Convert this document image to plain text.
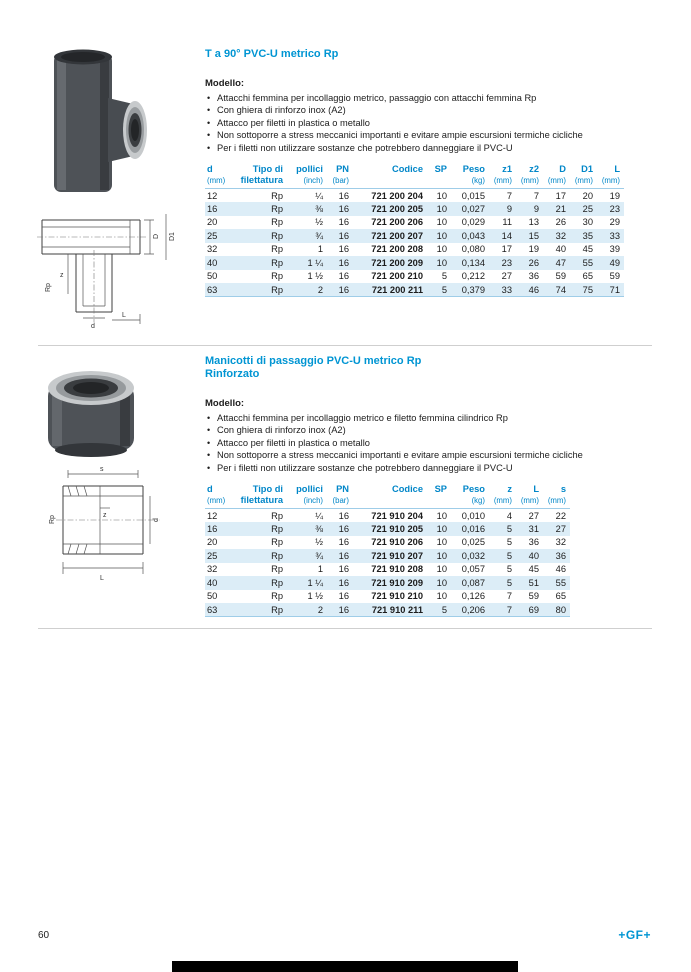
D D1
z
d
L
Rp
T a 90° PVC-U metrico Rp

Modello:

• Attacchi femmina per incollaggio metrico, passaggio con attacchi femmina Rp
• Con ghiera di rinforzo inox (A2)
• Attacco per filetti in plastica o metallo
• Non sottoporre a stress meccanici importanti e evitare ampie escursioni termiche cicliche
• Per i filetti non utilizzare sostanze che potrebbero danneggiare il PVC-U
d	Tipo di	pollici	PN	Codice	SP	Peso	z1	z2	D	D1	L
(mm)	filettatura	(inch)	(bar)			(kg)	(mm)	(mm)	(mm)	(mm)	(mm)
12	Rp	¼	16	721 200 204	10	0,015	7	7	17	20	19
16	Rp	⅜	16	721 200 205	10	0,027	9	9	21	25	23
20	Rp	½	16	721 200 206	10	0,029	11	13	26	30	29
25	Rp	¾	16	721 200 207	10	0,043	14	15	32	35	33
32	Rp	1	16	721 200 208	10	0,080	17	19	40	45	39
40	Rp	1 ¼	16	721 200 209	10	0,134	23	26	47	55	49
50	Rp	1 ½	16	721 200 210	5	0,212	27	36	59	65	59
63	Rp	2	16	721 200 211	5	0,379	33	46	74	75	71
s
z
L
d
Rp
Manicotti di passaggio PVC-U metrico Rp
Rinforzato

Modello:

• Attacchi femmina per incollaggio metrico e filetto femmina cilindrico Rp
• Con ghiera di rinforzo inox (A2)
• Attacco per filetti in plastica o metallo
• Non sottoporre a stress meccanici importanti e evitare ampie escursioni termiche cicliche
• Per i filetti non utilizzare sostanze che potrebbero danneggiare il PVC-U
d	Tipo di	pollici	PN	Codice	SP	Peso	z	L	s
(mm)	filettatura	(inch)	(bar)			(kg)	(mm)	(mm)	(mm)
12	Rp	¼	16	721 910 204	10	0,010	4	27	22
16	Rp	⅜	16	721 910 205	10	0,016	5	31	27
20	Rp	½	16	721 910 206	10	0,025	5	36	32
25	Rp	¾	16	721 910 207	10	0,032	5	40	36
32	Rp	1	16	721 910 208	10	0,057	5	45	46
40	Rp	1 ¼	16	721 910 209	10	0,087	5	51	55
50	Rp	1 ½	16	721 910 210	10	0,126	7	59	65
63	Rp	2	16	721 910 211	5	0,206	7	69	80
60	+GF+
